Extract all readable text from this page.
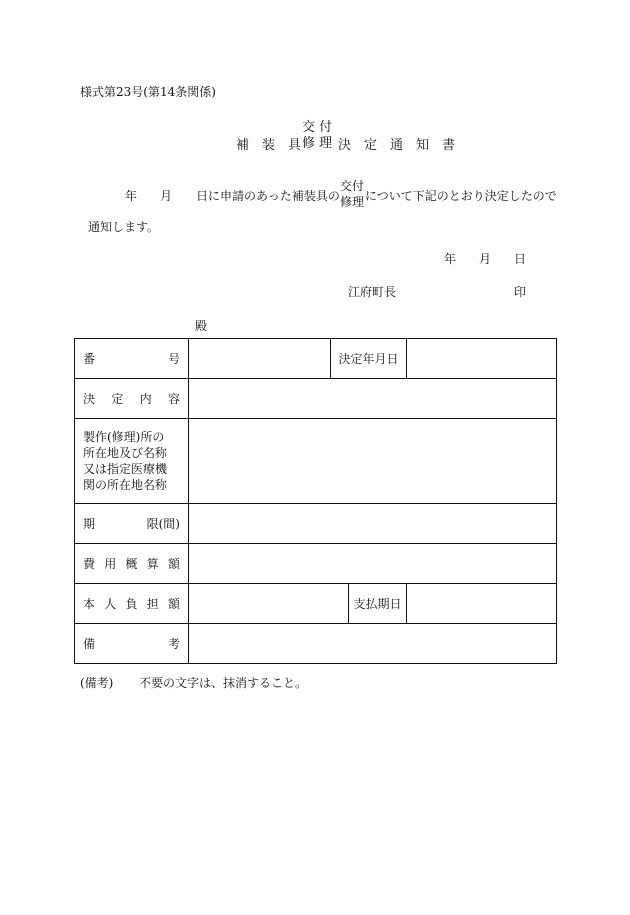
様式第23号(第14条関係)
補　装　具
交 付
修 理 決　定　通　知　書
年 月 日に申請のあった補装具の
交付
修理 について下記のとおり決定したので
通知します。
年 月 日
江府町長	印
殿
番 号		決定年月日		

決 定 内 容				

製作(修理)所の
所在地及び名称
又は指定医療機
関の所在地名称				

期 限(間)				

費 用 概 算 額				

本 人 負 担 額			支払期日	

備 考				

(備考) 不要の文字は、抹消すること。
